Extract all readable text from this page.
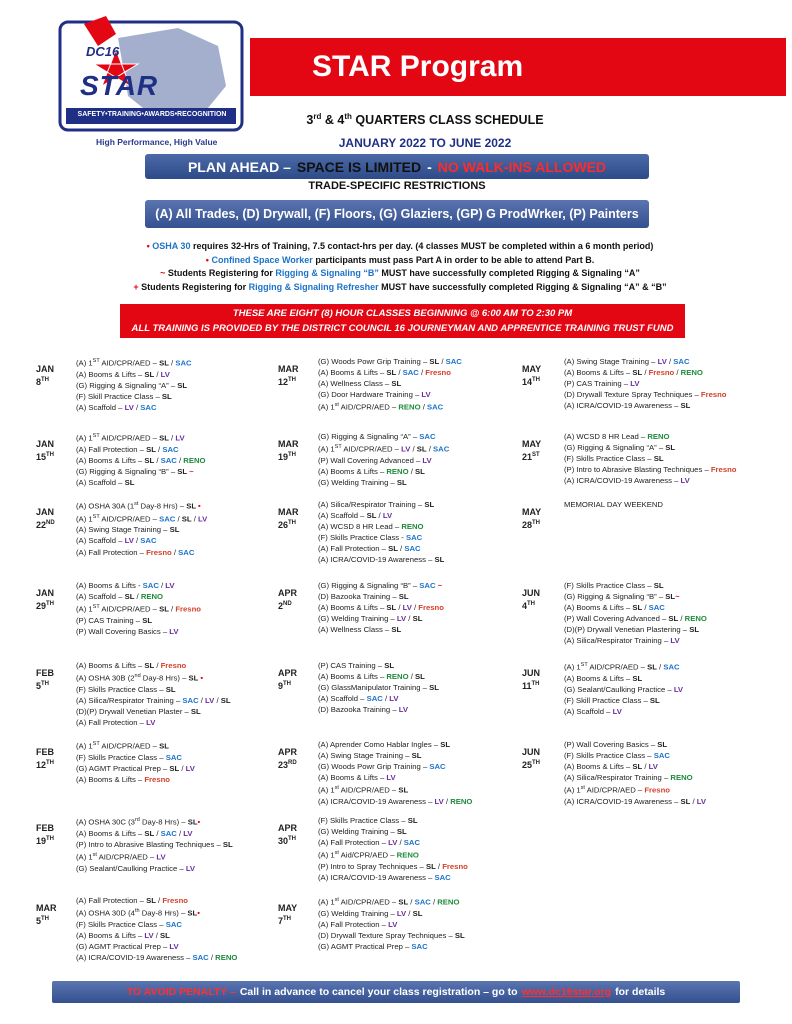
DC16
STAR
SAFETY•TRAINING•AWARDS•RECOGNITION
High Performance, High Value
STAR Program
3rd & 4th QUARTERS CLASS SCHEDULE
JANUARY 2022 TO JUNE 2022
PLAN AHEAD – SPACE IS LIMITED - NO WALK-INS ALLOWED
TRADE-SPECIFIC RESTRICTIONS
(A) All Trades, (D) Drywall, (F) Floors, (G) Glaziers, (GP) G ProdWrker, (P) Painters
• OSHA 30 requires 32-Hrs of Training, 7.5 contact-hrs per day. (4 classes MUST be completed within a 6 month period)
• Confined Space Worker participants must pass Part A in order to be able to attend Part B.
~ Students Registering for Rigging & Signaling “B” MUST have successfully completed Rigging & Signaling “A”
+ Students Registering for Rigging & Signaling Refresher MUST have successfully completed Rigging & Signaling “A” & “B”
THESE ARE EIGHT (8) HOUR CLASSES BEGINNING @ 6:00 AM TO 2:30 PM
ALL TRAINING IS PROVIDED BY THE DISTRICT COUNCIL 16 JOURNEYMAN AND APPRENTICE TRAINING TRUST FUND
JAN
8TH
(A) 1ST AID/CPR/AED – SL / SAC
(A) Booms & Lifts – SL / LV
(G) Rigging & Signaling “A” – SL
(F) Skill Practice Class – SL
(A) Scaffold – LV / SAC
JAN
15TH
(A) 1ST AID/CPR/AED – SL / LV
(A) Fall Protection – SL / SAC
(A) Booms & Lifts – SL / SAC / RENO
(G) Rigging & Signaling “B” – SL ~
(A) Scaffold – SL
JAN
22ND
(A) OSHA 30A (1st Day-8 Hrs) – SL •
(A) 1ST AID/CPR/AED – SAC / SL / LV
(A) Swing Stage Training – SL
(A) Scaffold – LV / SAC
(A) Fall Protection – Fresno / SAC
JAN
29TH
(A) Booms & Lifts - SAC / LV
(A) Scaffold – SL / RENO
(A) 1ST AID/CPR/AED – SL / Fresno
(P) CAS Training – SL
(P) Wall Covering Basics – LV
FEB
5TH
(A) Booms & Lifts – SL / Fresno
(A) OSHA 30B (2nd Day-8 Hrs) – SL •
(F) Skills Practice Class – SL
(A) Silica/Respirator Training – SAC / LV / SL
(D)(P) Drywall Venetian Plaster – SL
(A) Fall Protection – LV
FEB
12TH
(A) 1ST AID/CPR/AED – SL
(F) Skills Practice Class – SAC
(G) AGMT Practical Prep – SL / LV
(A) Booms & Lifts – Fresno
FEB
19TH
(A) OSHA 30C (3rd Day-8 Hrs) – SL•
(A) Booms & Lifts – SL / SAC / LV
(P) Intro to Abrasive Blasting Techniques – SL
(A) 1st AID/CPR/AED – LV
(G) Sealant/Caulking Practice – LV
MAR
5TH
(A) Fall Protection – SL / Fresno
(A) OSHA 30D (4th Day-8 Hrs) – SL•
(F) Skills Practice Class – SAC
(A) Booms & Lifts – LV / SL
(G) AGMT Practical Prep – LV
(A) ICRA/COVID-19 Awareness – SAC / RENO
MAR
12TH
(G) Woods Powr Grip Training – SL / SAC
(A) Booms & Lifts – SL / SAC / Fresno
(A) Wellness Class – SL
(G) Door Hardware Training – LV
(A) 1st AID/CPR/AED – RENO / SAC
MAR
19TH
(G) Rigging & Signaling “A” – SAC
(A) 1ST AID/CPR/AED – LV / SL / SAC
(P) Wall Covering Advanced – LV
(A) Booms & Lifts – RENO / SL
(G) Welding Training – SL
MAR
26TH
(A) Silica/Respirator Training – SL
(A) Scaffold – SL / LV
(A) WCSD 8 HR Lead – RENO
(F) Skills Practice Class - SAC
(A) Fall Protection – SL / SAC
(A) ICRA/COVID-19 Awareness – SL
APR
2ND
(G) Rigging & Signaling “B” – SAC ~
(D) Bazooka Training – SL
(A) Booms & Lifts – SL / LV / Fresno
(G) Welding Training – LV / SL
(A) Wellness Class – SL
APR
9TH
(P) CAS Training – SL
(A) Booms & Lifts – RENO / SL
(G) GlassManipulator Training – SL
(A) Scaffold – SAC / LV
(D) Bazooka Training – LV
APR
23RD
(A) Aprender Como Hablar Ingles – SL
(A) Swing Stage Training – SL
(G) Woods Powr Grip Training – SAC
(A) Booms & Lifts – LV
(A) 1st AID/CPR/AED – SL
(A) ICRA/COVID-19 Awareness – LV / RENO
APR
30TH
(F) Skills Practice Class – SL
(G) Welding Training – SL
(A) Fall Protection – LV / SAC
(A) 1st Aid/CPR/AED – RENO
(P) Intro to Spray Techniques – SL / Fresno
(A) ICRA/COVID-19 Awareness – SAC
MAY
7TH
(A) 1st AID/CPR/AED – SL / SAC / RENO
(G) Welding Training – LV / SL
(A) Fall Protection – LV
(D) Drywall Texture Spray Techniques – SL
(G) AGMT Practical Prep – SAC
MAY
14TH
(A) Swing Stage Training – LV / SAC
(A) Booms & Lifts – SL / Fresno / RENO
(P) CAS Training – LV
(D) Drywall Texture Spray Techniques – Fresno
(A) ICRA/COVID-19 Awareness – SL
MAY
21ST
(A) WCSD 8 HR Lead – RENO
(G) Rigging & Signaling “A” – SL
(F) Skills Practice Class – SL
(P) Intro to Abrasive Blasting Techniques – Fresno
(A) ICRA/COVID-19 Awareness – LV
MAY
28TH
MEMORIAL DAY WEEKEND
JUN
4TH
(F) Skills Practice Class – SL
(G) Rigging & Signaling “B” – SL~
(A) Booms & Lifts – SL / SAC
(P) Wall Covering Advanced – SL / RENO
(D)(P) Drywall Venetian Plastering – SL
(A) Silica/Respirator Training – LV
JUN
11TH
(A) 1ST AID/CPR/AED – SL / SAC
(A) Booms & Lifts – SL
(G) Sealant/Caulking Practice – LV
(F) Skill Practice Class – SL
(A) Scaffold – LV
JUN
25TH
(P) Wall Covering Basics – SL
(F) Skills Practice Class – SAC
(A) Booms & Lifts – SL / LV
(A) Silica/Respirator Training – RENO
(A) 1st AID/CPR/AED – Fresno
(A) ICRA/COVID-19 Awareness – SL / LV
TO AVOID PENALTY – Call in advance to cancel your class registration – go to www.dc16star.org for details
